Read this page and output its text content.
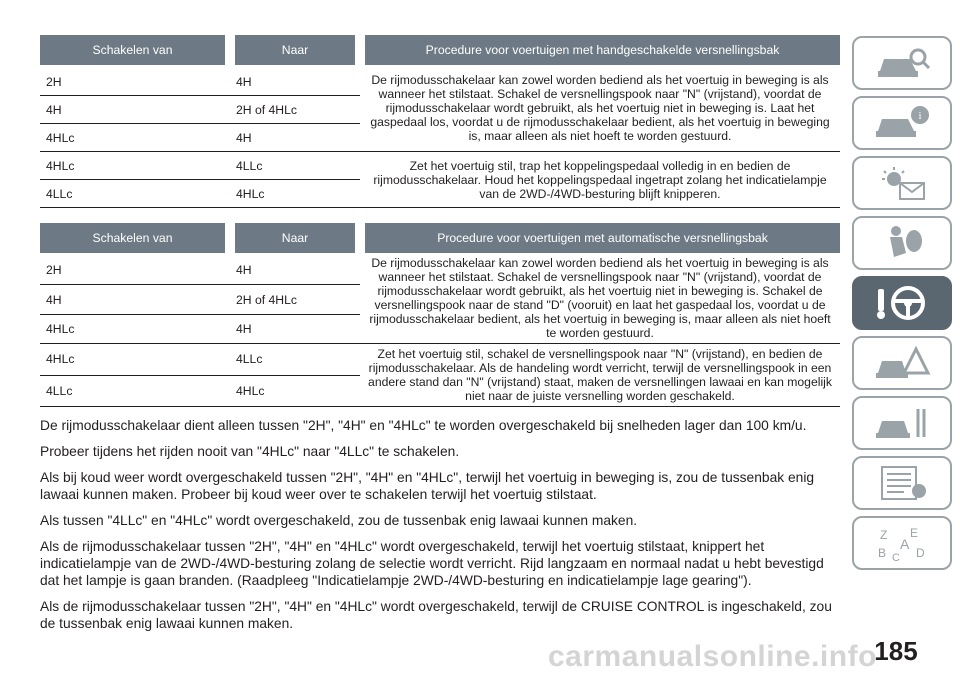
Schakelen van	Naar	Procedure voor voertuigen met handgeschakelde versnellingsbak
2H	4H	De rijmodusschakelaar kan zowel worden bediend als het voertuig in beweging is als wanneer het stilstaat. Schakel de versnellingspook naar "N" (vrijstand), voordat de rijmodusschakelaar wordt gebruikt, als het voertuig niet in beweging is. Laat het gaspedaal los, voordat u de rijmodusschakelaar bedient, als het voertuig in beweging is, maar alleen als niet hoeft te worden gestuurd.
4H	2H of 4HLc	
4HLc	4H	
4HLc	4LLc	Zet het voertuig stil, trap het koppelingspedaal volledig in en bedien de rijmodusschakelaar. Houd het koppelingspedaal ingetrapt zolang het indicatielampje van de 2WD-/4WD-besturing blijft knipperen.
4LLc	4HLc	
Schakelen van	Naar	Procedure voor voertuigen met automatische versnellingsbak
2H	4H	De rijmodusschakelaar kan zowel worden bediend als het voertuig in beweging is als wanneer het stilstaat. Schakel de versnellingspook naar "N" (vrijstand), voordat de rijmodusschakelaar wordt gebruikt, als het voertuig niet in beweging is. Schakel de versnellingspook naar de stand "D" (vooruit) en laat het gaspedaal los, voordat u de rijmodusschakelaar bedient, als het voertuig in beweging is, maar alleen als niet hoeft te worden gestuurd.
4H	2H of 4HLc	
4HLc	4H	
4HLc	4LLc	Zet het voertuig stil, schakel de versnellingspook naar "N" (vrijstand), en bedien de rijmodusschakelaar. Als de handeling wordt verricht, terwijl de versnellingspook in een andere stand dan "N" (vrijstand) staat, maken de versnellingen lawaai en kan mogelijk niet naar de juiste versnelling worden geschakeld.
4LLc	4HLc	

De rijmodusschakelaar dient alleen tussen "2H", "4H" en "4HLc" te worden overgeschakeld bij snelheden lager dan 100 km/u.

Probeer tijdens het rijden nooit van "4HLc" naar "4LLc" te schakelen.

Als bij koud weer wordt overgeschakeld tussen "2H", "4H" en "4HLc", terwijl het voertuig in beweging is, zou de tussenbak enig lawaai kunnen maken. Probeer bij koud weer over te schakelen terwijl het voertuig stilstaat.

Als tussen "4LLc" en "4HLc" wordt overgeschakeld, zou de tussenbak enig lawaai kunnen maken.

Als de rijmodusschakelaar tussen "2H", "4H" en "4HLc" wordt overgeschakeld, terwijl het voertuig stilstaat, knippert het indicatielampje van de 2WD-/4WD-besturing zolang de selectie wordt verricht. Rijd langzaam en normaal nadat u hebt bevestigd dat het lampje is gaan branden. (Raadpleeg "Indicatielampje 2WD-/4WD-besturing en indicatielampje lage gearing").

Als de rijmodusschakelaar tussen "2H", "4H" en "4HLc" wordt overgeschakeld, terwijl de CRUISE CONTROL is ingeschakeld, zou de tussenbak enig lawaai kunnen maken.

i
Z E
A
B D
C
185
carmanualsonline.info
